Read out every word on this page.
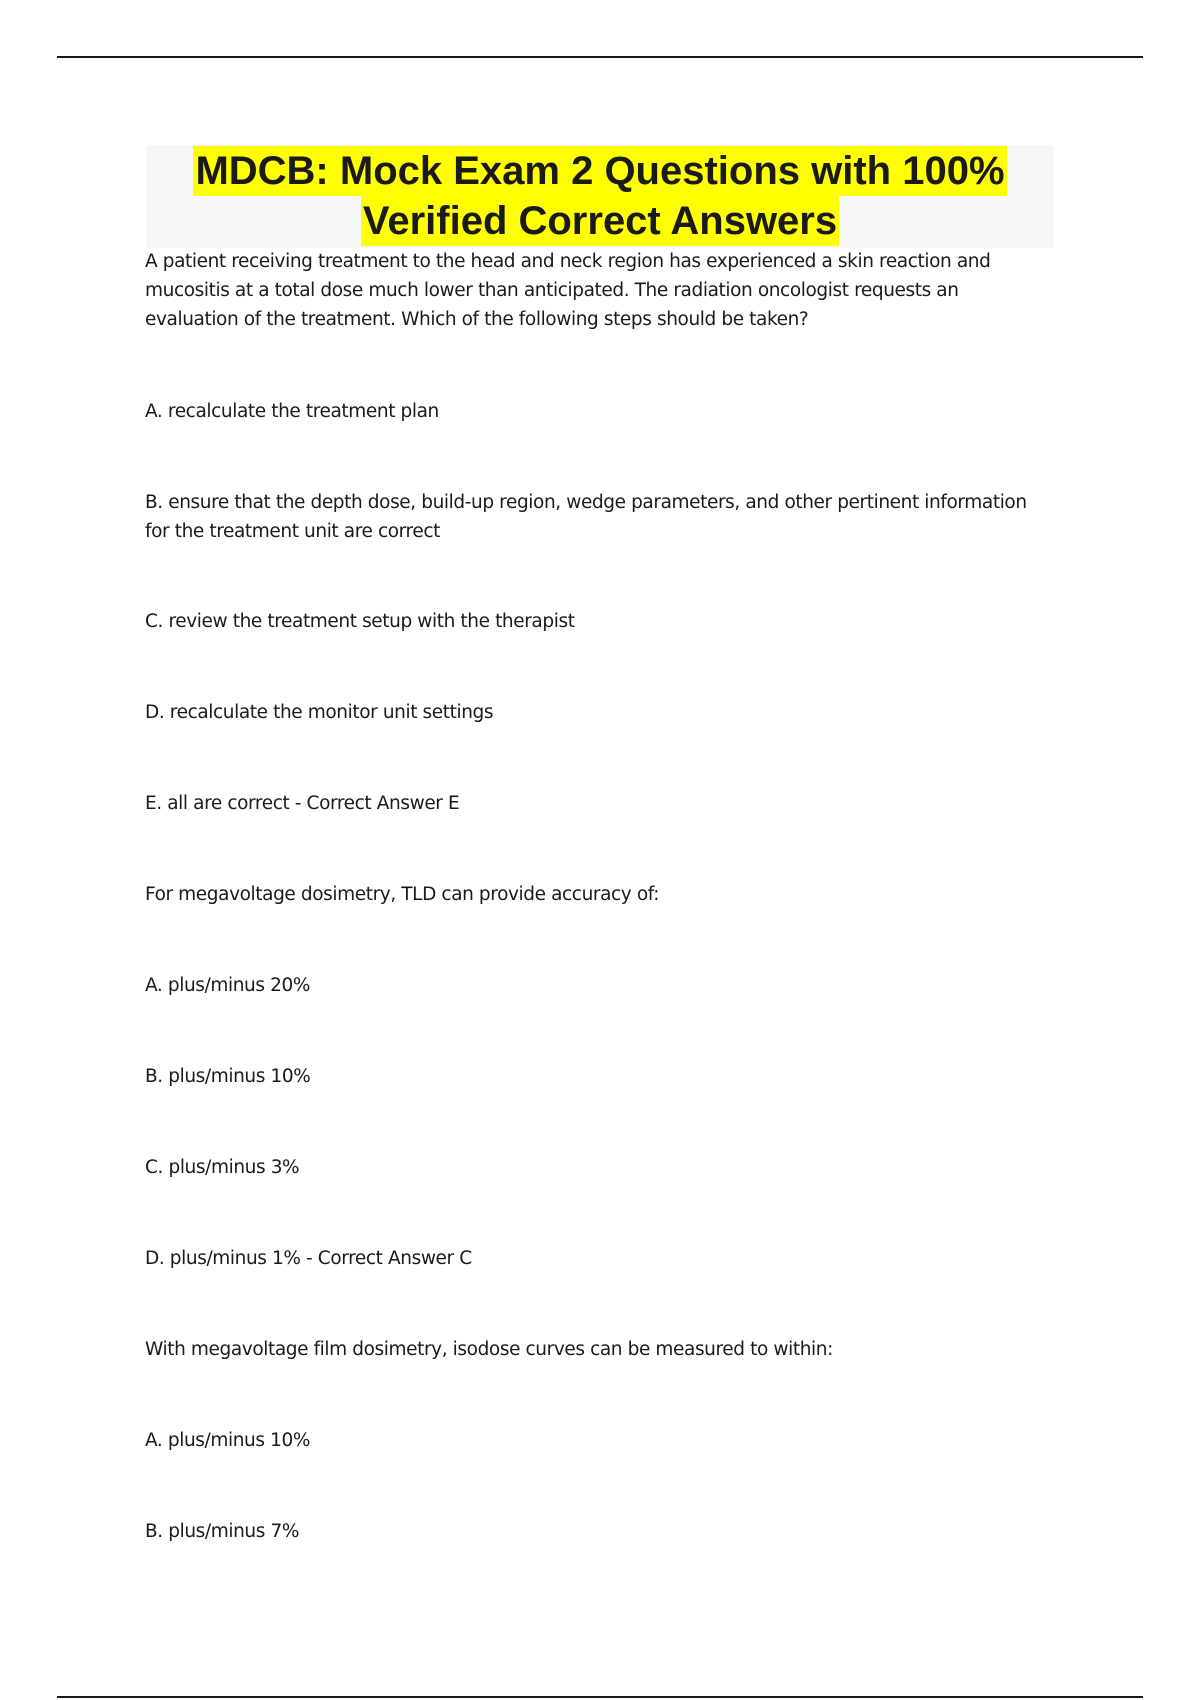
MDCB: Mock Exam 2 Questions with 100%
Verified Correct Answers

A patient receiving treatment to the head and neck region has experienced a skin reaction and mucositis at a total dose much lower than anticipated. The radiation oncologist requests an evaluation of the treatment. Which of the following steps should be taken?

A. recalculate the treatment plan

B. ensure that the depth dose, build-up region, wedge parameters, and other pertinent information for the treatment unit are correct

C. review the treatment setup with the therapist

D. recalculate the monitor unit settings

E. all are correct - Correct Answer E

For megavoltage dosimetry, TLD can provide accuracy of:

A. plus/minus 20%

B. plus/minus 10%

C. plus/minus 3%

D. plus/minus 1% - Correct Answer C

With megavoltage film dosimetry, isodose curves can be measured to within:

A. plus/minus 10%

B. plus/minus 7%
